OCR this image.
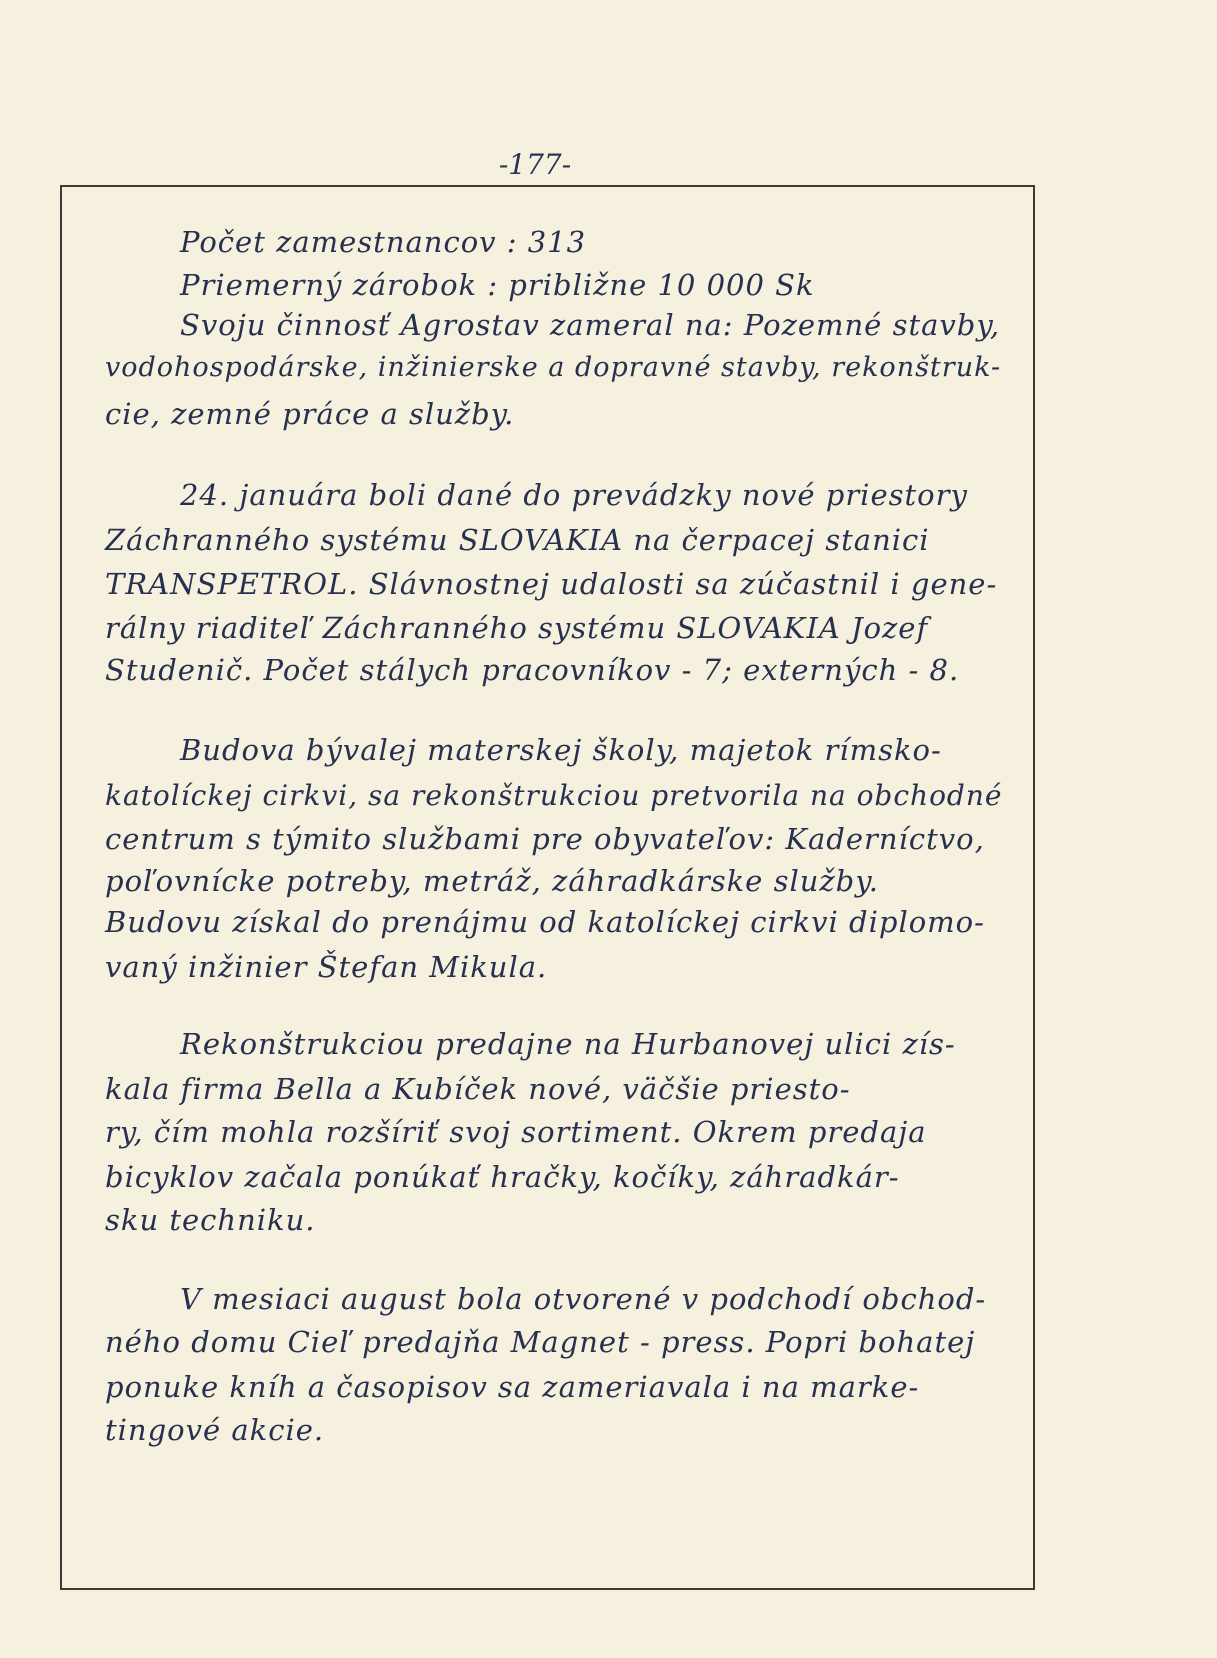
-177-
Počet zamestnancov : 313
Priemerný zárobok : približne 10 000 Sk
Svoju činnosť Agrostav zameral na: Pozemné stavby,
vodohospodárske, inžinierske a dopravné stavby, rekonštruk-
cie, zemné práce a služby.
24. januára boli dané do prevádzky nové priestory
Záchranného systému SLOVAKIA na čerpacej stanici
TRANSPETROL. Slávnostnej udalosti sa zúčastnil i gene-
rálny riaditeľ Záchranného systému SLOVAKIA Jozef
Studenič. Počet stálych pracovníkov - 7; externých - 8.
Budova bývalej materskej školy, majetok rímsko-
katolíckej cirkvi, sa rekonštrukciou pretvorila na obchodné
centrum s týmito službami pre obyvateľov: Kaderníctvo,
poľovnícke potreby, metráž, záhradkárske služby.
Budovu získal do prenájmu od katolíckej cirkvi diplomo-
vaný inžinier Štefan Mikula.
Rekonštrukciou predajne na Hurbanovej ulici zís-
kala firma Bella a Kubíček nové, väčšie priesto-
ry, čím mohla rozšíriť svoj sortiment. Okrem predaja
bicyklov začala ponúkať hračky, kočíky, záhradkár-
sku techniku.
V mesiaci august bola otvorené v podchodí obchod-
ného domu Cieľ predajňa Magnet - press. Popri bohatej
ponuke kníh a časopisov sa zameriavala i na marke-
tingové akcie.
